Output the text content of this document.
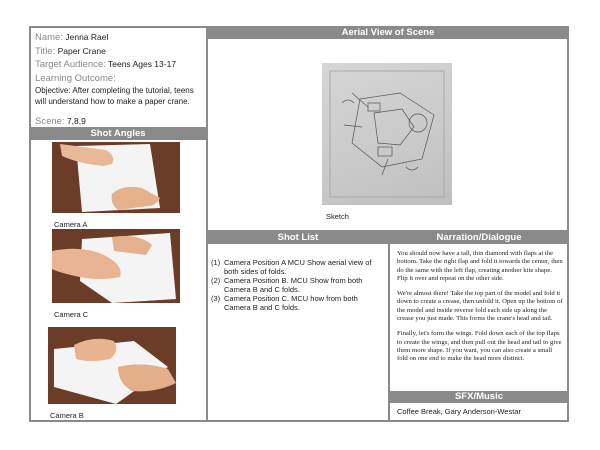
Aerial View of Scene
Shot Angles
Shot List	Narration/Dialogue
SFX/Music
Name: Jenna Rael
Title: Paper Crane
Target Audience: Teens Ages 13-17
Learning Outcome:
Objective: After completing the tutorial, teens will understand how to make a paper crane.
Scene: 7,8,9
Sketch
Camera A
Camera C
Camera B
(1) Camera Position A MCU Show aerial view of both sides of folds.
(2) Camera Position B. MCU Show from both Camera B and C folds.
(3) Camera Position C. MCU how from both Camera B and C folds.

You should now have a tall, thin diamond with flaps at the bottom. Take the right flap and fold it towards the center, then do the same with the left flap, creating another kite shape. Flip it over and repeat on the other side.

We're almost there! Take the top part of the model and fold it down to create a crease, then unfold it. Open up the bottom of the model and inside reverse fold each side up along the crease you just made. This forms the crane's head and tail.

Finally, let's form the wings. Fold down each of the top flaps to create the wings, and then pull out the head and tail to give them more shape. If you want, you can also create a small fold on one end to make the head more distinct.

Coffee Break, Gary Anderson-Westar
